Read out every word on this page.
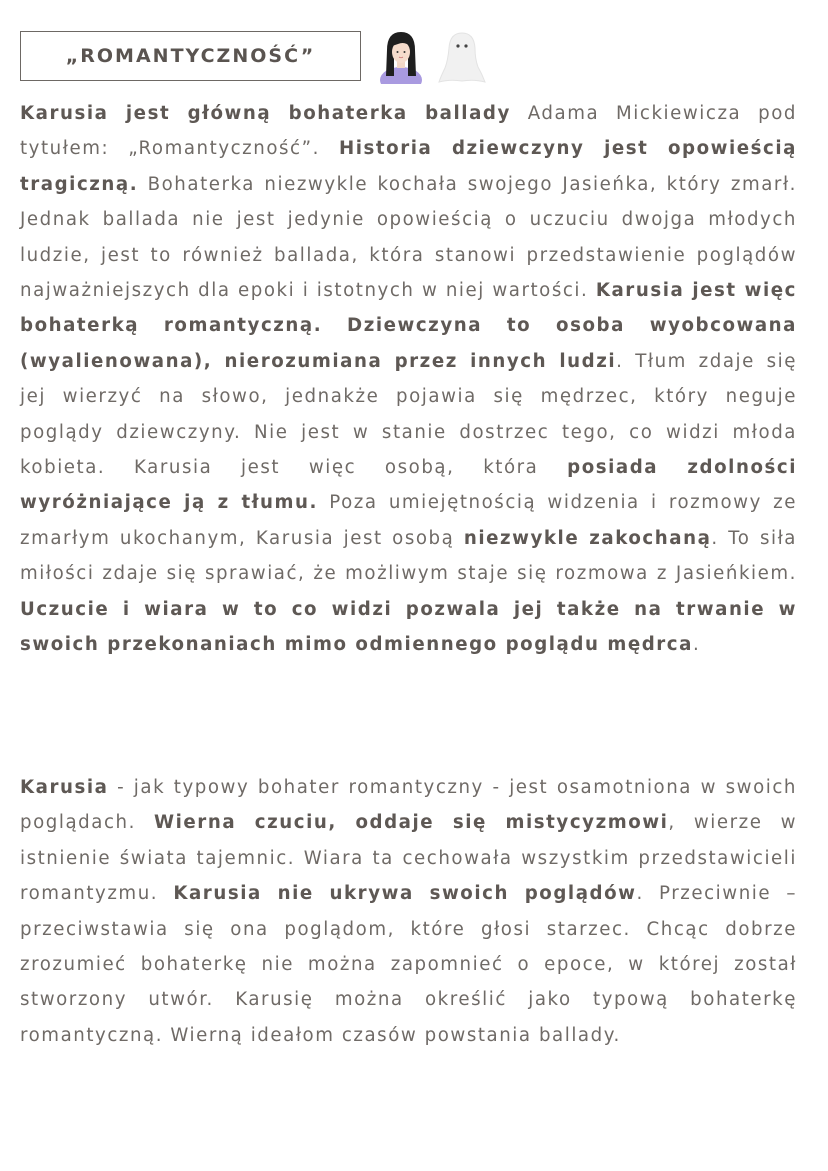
„ROMANTYCZNOŚĆ”

Karusia jest główną bohaterka ballady Adama Mickiewicza pod tytułem: „Romantyczność”. Historia dziewczyny jest opowieścią tragiczną. Bohaterka niezwykle kochała swojego Jasieńka, który zmarł. Jednak ballada nie jest jedynie opowieścią o uczuciu dwojga młodych ludzie, jest to również ballada, która stanowi przedstawienie poglądów najważniejszych dla epoki i istotnych w niej wartości. Karusia jest więc bohaterką romantyczną. Dziewczyna to osoba wyobcowana (wyalienowana), nierozumiana przez innych ludzi. Tłum zdaje się jej wierzyć na słowo, jednakże pojawia się mędrzec, który neguje poglądy dziewczyny. Nie jest w stanie dostrzec tego, co widzi młoda kobieta. Karusia jest więc osobą, która posiada zdolności wyróżniające ją z tłumu. Poza umiejętnością widzenia i rozmowy ze zmarłym ukochanym, Karusia jest osobą niezwykle zakochaną. To siła miłości zdaje się sprawiać, że możliwym staje się rozmowa z Jasieńkiem. Uczucie i wiara w to co widzi pozwala jej także na trwanie w swoich przekonaniach mimo odmiennego poglądu mędrca.

Karusia - jak typowy bohater romantyczny - jest osamotniona w swoich poglądach. Wierna czuciu, oddaje się mistycyzmowi, wierze w istnienie świata tajemnic. Wiara ta cechowała wszystkim przedstawicieli romantyzmu. Karusia nie ukrywa swoich poglądów. Przeciwnie – przeciwstawia się ona poglądom, które głosi starzec. Chcąc dobrze zrozumieć bohaterkę nie można zapomnieć o epoce, w której został stworzony utwór. Karusię można określić jako typową bohaterkę romantyczną. Wierną ideałom czasów powstania ballady.
